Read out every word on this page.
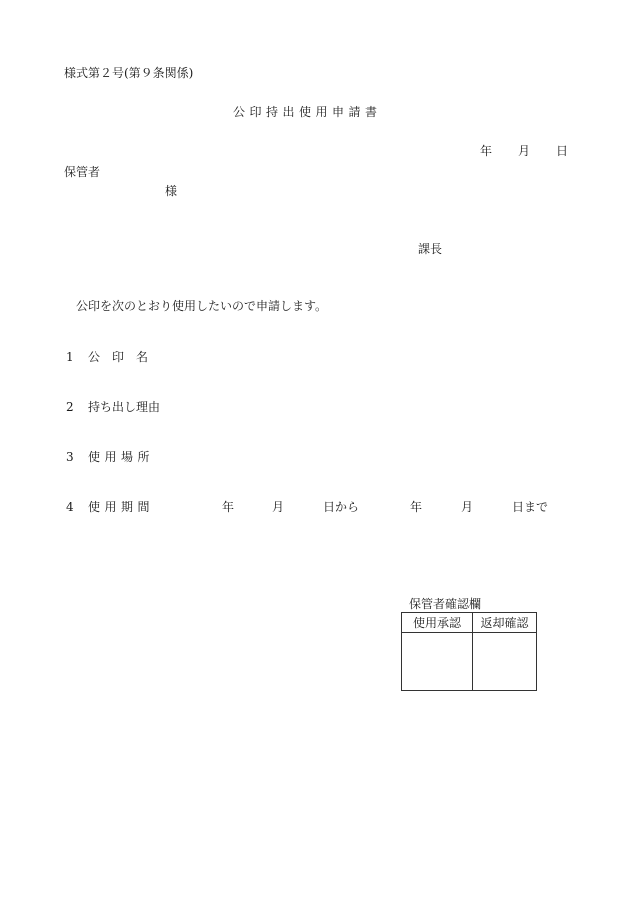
様式第２号(第９条関係)
公印持出使用申請書
年 月 日
保管者
様
課長
公印を次のとおり使用したいので申請します。
1 公印名
2 持ち出し理由
3 使用場所
4 使用期間	年	月	日から	年	月	日まで
保管者確認欄
使用承認	返却確認
